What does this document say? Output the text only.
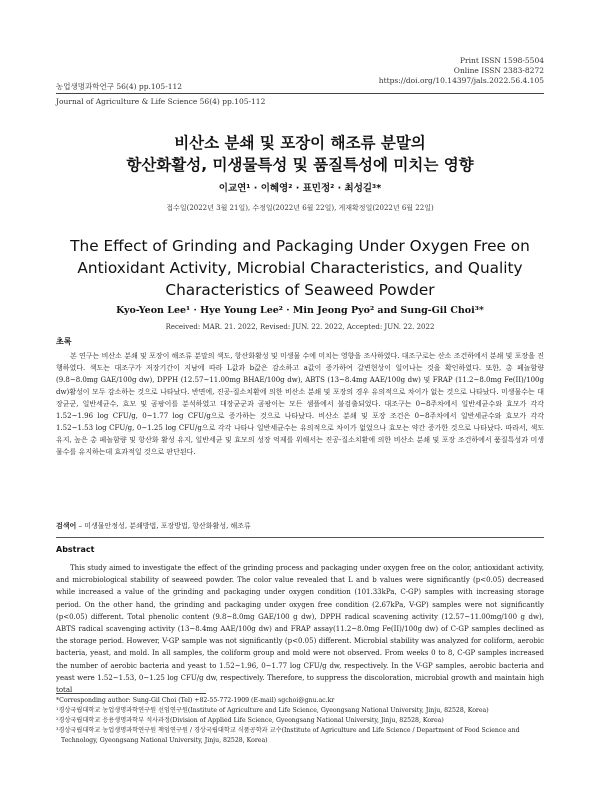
Print ISSN 1598-5504
Online ISSN 2383-8272
https://doi.org/10.14397/jals.2022.56.4.105
농업생명과학연구 56(4) pp.105-112
Journal of Agriculture & Life Science 56(4) pp.105-112
비산소 분쇄 및 포장이 해조류 분말의
항산화활성, 미생물특성 및 품질특성에 미치는 영향
이교연¹ · 이혜영² · 표민정² · 최성길³*
접수일(2022년 3월 21일), 수정일(2022년 6월 22일), 게재확정일(2022년 6월 22일)
The Effect of Grinding and Packaging Under Oxygen Free on
Antioxidant Activity, Microbial Characteristics, and Quality
Characteristics of Seaweed Powder
Kyo-Yeon Lee¹ · Hye Young Lee² · Min Jeong Pyo² and Sung-Gil Choi³*
Received: MAR. 21. 2022, Revised: JUN. 22. 2022, Accepted: JUN. 22. 2022
초록
본 연구는 비산소 분쇄 및 포장이 해조류 분말의 색도, 항산화활성 및 미생물 수에 미치는 영향을 조사하였다. 대조구로는 산소 조건하에서 분쇄 및 포장을 진행하였다. 색도는 대조구가 저장기간이 지남에 따라 L값과 b값은 감소하고 a값이 증가하여 갈변현상이 일어나는 것을 확인하였다. 또한, 총 페놀함량 (9.8~8.0mg GAE/100g dw), DPPH (12.57~11.00mg BHAE/100g dw), ABTS (13~8.4mg AAE/100g dw) 및 FRAP (11.2~8.0mg Fe(II)/100g dw)활성이 모두 감소하는 것으로 나타났다. 반면에, 진공-질소치환에 의한 비산소 분쇄 및 포장의 경우 유의적으로 차이가 없는 것으로 나타났다. 미생물수는 대장균군, 일반세균수, 효모 및 곰팡이를 분석하였고 대장균군과 곰팡이는 모든 샘플에서 불검출되었다. 대조구는 0~8주차에서 일반세균수와 효모가 각각 1.52~1.96 log CFU/g, 0~1.77 log CFU/g으로 증가하는 것으로 나타났다. 비산소 분쇄 및 포장 조건은 0~8주차에서 일반세균수와 효모가 각각 1.52~1.53 log CFU/g, 0~1.25 log CFU/g으로 각각 나타나 일반세균수는 유의적으로 차이가 없었으나 효모는 약간 증가한 것으로 나타났다. 따라서, 색도유지, 높은 총 페놀함량 및 항산화 활성 유지, 일반세균 및 효모의 성장 억제를 위해서는 진공-질소치환에 의한 비산소 분쇄 및 포장 조건하에서 품질특성과 미생물수를 유지하는데 효과적일 것으로 판단된다.
검색어 – 미생물안정성, 분쇄방법, 포장방법, 항산화활성, 해조류
Abstract

This study aimed to investigate the effect of the grinding process and packaging under oxygen free on the color, antioxidant activity, and microbiological stability of seaweed powder. The color value revealed that L and b values were significantly (p<0.05) decreased while increased a value of the grinding and packaging under oxygen condition (101.33kPa, C-GP) samples with increasing storage period. On the other hand, the grinding and packaging under oxygen free condition (2.67kPa, V-GP) samples were not significantly (p<0.05) different. Total phenolic content (9.8~8.0mg GAE/100 g dw), DPPH radical scavening activity (12.57~11.00mg/100 g dw), ABTS radical scavenging activity (13~8.4mg AAE/100g dw) and FRAP assay(11.2~8.0mg Fe(II)/100g dw) of C-GP samples declined as the storage period. However, V-GP sample was not significantly (p<0.05) different. Microbial stability was analyzed for coliform, aerobic bacteria, yeast, and mold. In all samples, the coliform group and mold were not observed. From weeks 0 to 8, C-GP samples increased the number of aerobic bacteria and yeast to 1.52~1.96, 0~1.77 log CFU/g dw, respectively. In the V-GP samples, aerobic bacteria and yeast were 1.52~1.53, 0~1.25 log CFU/g dw, respectively. Therefore, to suppress the discoloration, microbial growth and maintain high total

*Corresponding author: Sung-Gil Choi (Tel) +82-55-772-1909 (E-mail) sgchoi@gnu.ac.kr
¹경상국립대학교 농업생명과학연구원 선임연구원(Institute of Agriculture and Life Science, Gyeongsang National University, Jinju, 82528, Korea)
²경상국립대학교 응용생명과학부 석사과정(Division of Applied Life Science, Gyeongsang National University, Jinju, 82528, Korea)
³경상국립대학교 농업생명과학연구원 책임연구원 / 경상국립대학교 식품공학과 교수(Institute of Agriculture and Life Science / Department of Food Science and
Technology, Gyeongsang National University, Jinju, 82528, Korea)
